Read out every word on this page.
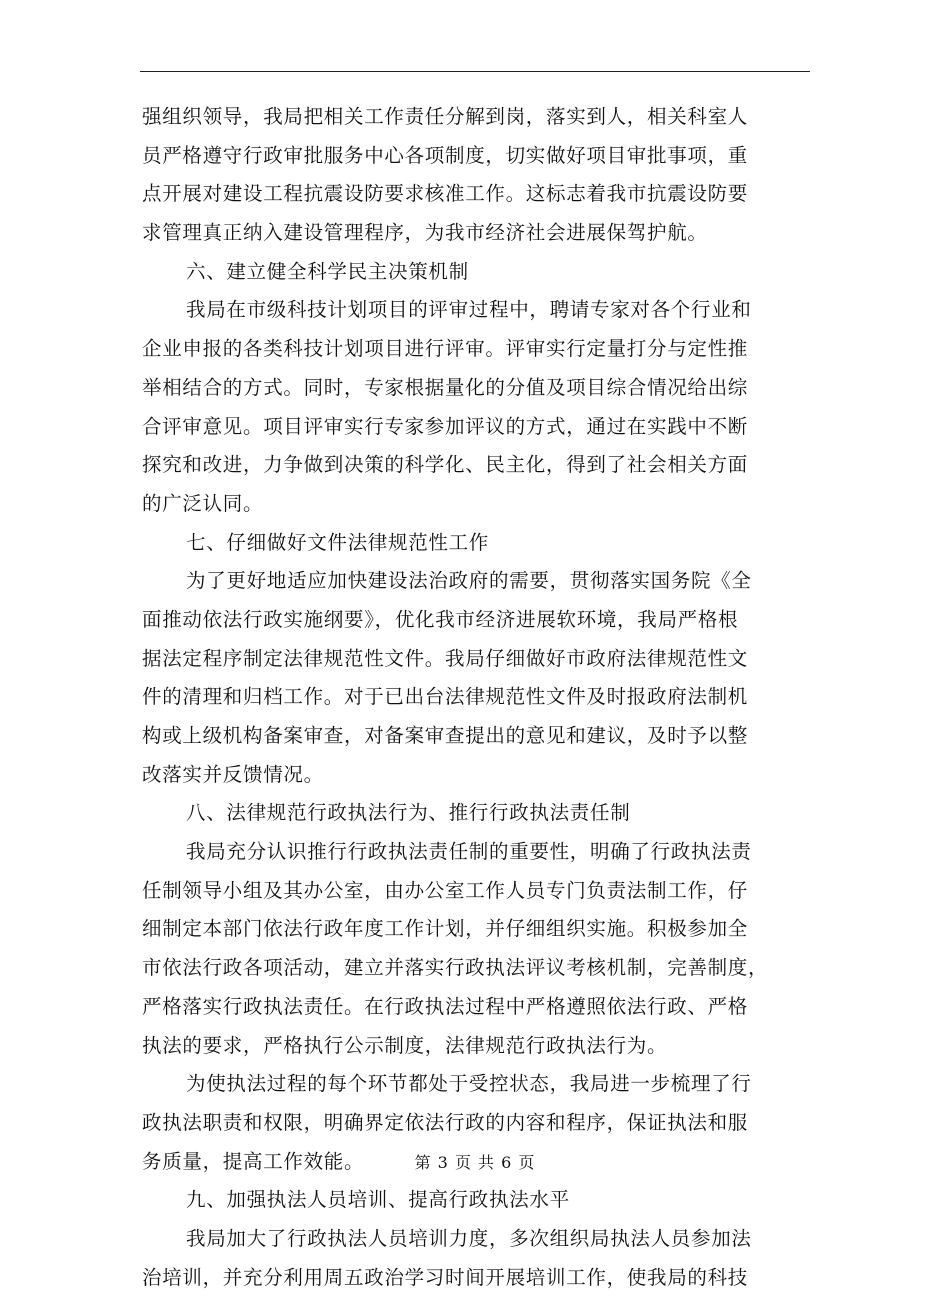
强组织领导，我局把相关工作责任分解到岗，落实到人，相关科室人
员严格遵守行政审批服务中心各项制度，切实做好项目审批事项，重
点开展对建设工程抗震设防要求核准工作。这标志着我市抗震设防要
求管理真正纳入建设管理程序，为我市经济社会进展保驾护航。
六、建立健全科学民主决策机制
我局在市级科技计划项目的评审过程中，聘请专家对各个行业和
企业申报的各类科技计划项目进行评审。评审实行定量打分与定性推
举相结合的方式。同时，专家根据量化的分值及项目综合情况给出综
合评审意见。项目评审实行专家参加评议的方式，通过在实践中不断
探究和改进，力争做到决策的科学化、民主化，得到了社会相关方面
的广泛认同。
七、仔细做好文件法律规范性工作
为了更好地适应加快建设法治政府的需要，贯彻落实国务院《全
面推动依法行政实施纲要》，优化我市经济进展软环境，我局严格根
据法定程序制定法律规范性文件。我局仔细做好市政府法律规范性文
件的清理和归档工作。对于已出台法律规范性文件及时报政府法制机
构或上级机构备案审查，对备案审查提出的意见和建议，及时予以整
改落实并反馈情况。
八、法律规范行政执法行为、推行行政执法责任制
我局充分认识推行行政执法责任制的重要性，明确了行政执法责
任制领导小组及其办公室，由办公室工作人员专门负责法制工作，仔
细制定本部门依法行政年度工作计划，并仔细组织实施。积极参加全
市依法行政各项活动，建立并落实行政执法评议考核机制，完善制度，
严格落实行政执法责任。在行政执法过程中严格遵照依法行政、严格
执法的要求，严格执行公示制度，法律规范行政执法行为。
为使执法过程的每个环节都处于受控状态，我局进一步梳理了行
政执法职责和权限，明确界定依法行政的内容和程序，保证执法和服
务质量，提高工作效能。
九、加强执法人员培训、提高行政执法水平
我局加大了行政执法人员培训力度，多次组织局执法人员参加法
治培训，并充分利用周五政治学习时间开展培训工作，使我局的科技
第 3 页 共 6 页
